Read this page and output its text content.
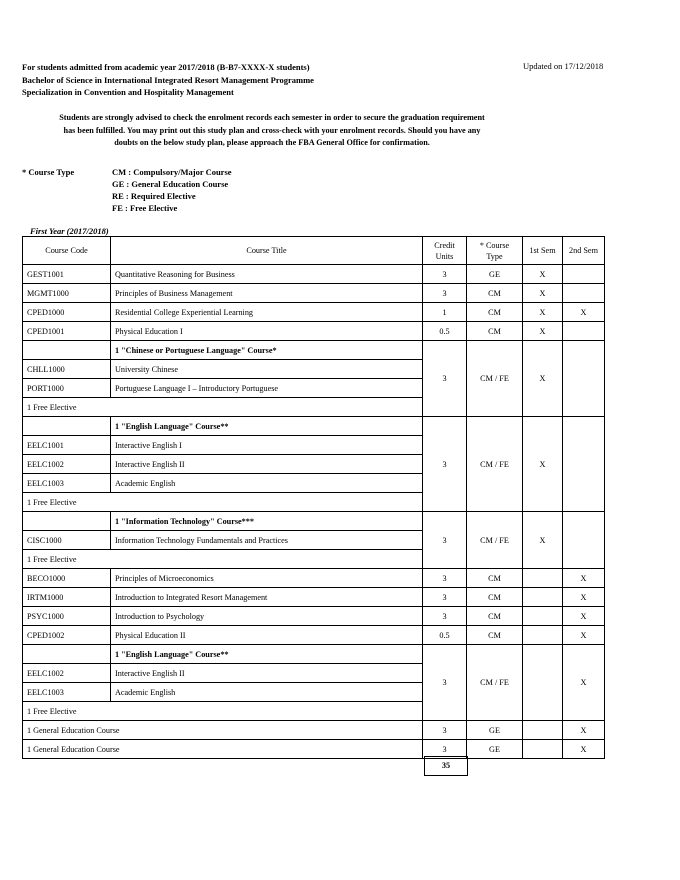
For students admitted from academic year 2017/2018 (B-B7-XXXX-X students)
Bachelor of Science in International Integrated Resort Management Programme
Specialization in Convention and Hospitality Management
Updated on 17/12/2018
Students are strongly advised to check the enrolment records each semester in order to secure the graduation requirement
has been fulfilled. You may print out this study plan and cross-check with your enrolment records. Should you have any
doubts on the below study plan, please approach the FBA General Office for confirmation.
* Course Type	CM : Compulsory/Major Course
GE : General Education Course
RE : Required Elective
FE : Free Elective
First Year (2017/2018)
Course Code	Course Title	Credit Units	* Course Type	1st Sem	2nd Sem
GEST1001	Quantitative Reasoning for Business	3	GE	X	
MGMT1000	Principles of Business Management	3	CM	X	
CPED1000	Residential College Experiential Learning	1	CM	X	X
CPED1001	Physical Education I	0.5	CM	X	
	1 "Chinese or Portuguese Language" Course*	3	CM / FE	X	
CHLL1000	University Chinese				
PORT1000	Portuguese Language I – Introductory Portuguese				
1 Free Elective					
	1 "English Language" Course**	3	CM / FE	X	
EELC1001	Interactive English I				
EELC1002	Interactive English II				
EELC1003	Academic English				
1 Free Elective					
	1 "Information Technology" Course***	3	CM / FE	X	
CISC1000	Information Technology Fundamentals and Practices				
1 Free Elective					
BECO1000	Principles of Microeconomics	3	CM		X
IRTM1000	Introduction to Integrated Resort Management	3	CM		X
PSYC1000	Introduction to Psychology	3	CM		X
CPED1002	Physical Education II	0.5	CM		X
	1 "English Language" Course**	3	CM / FE		X
EELC1002	Interactive English II				
EELC1003	Academic English				
1 Free Elective					
1 General Education Course		3	GE		X
1 General Education Course		3	GE		X
35
